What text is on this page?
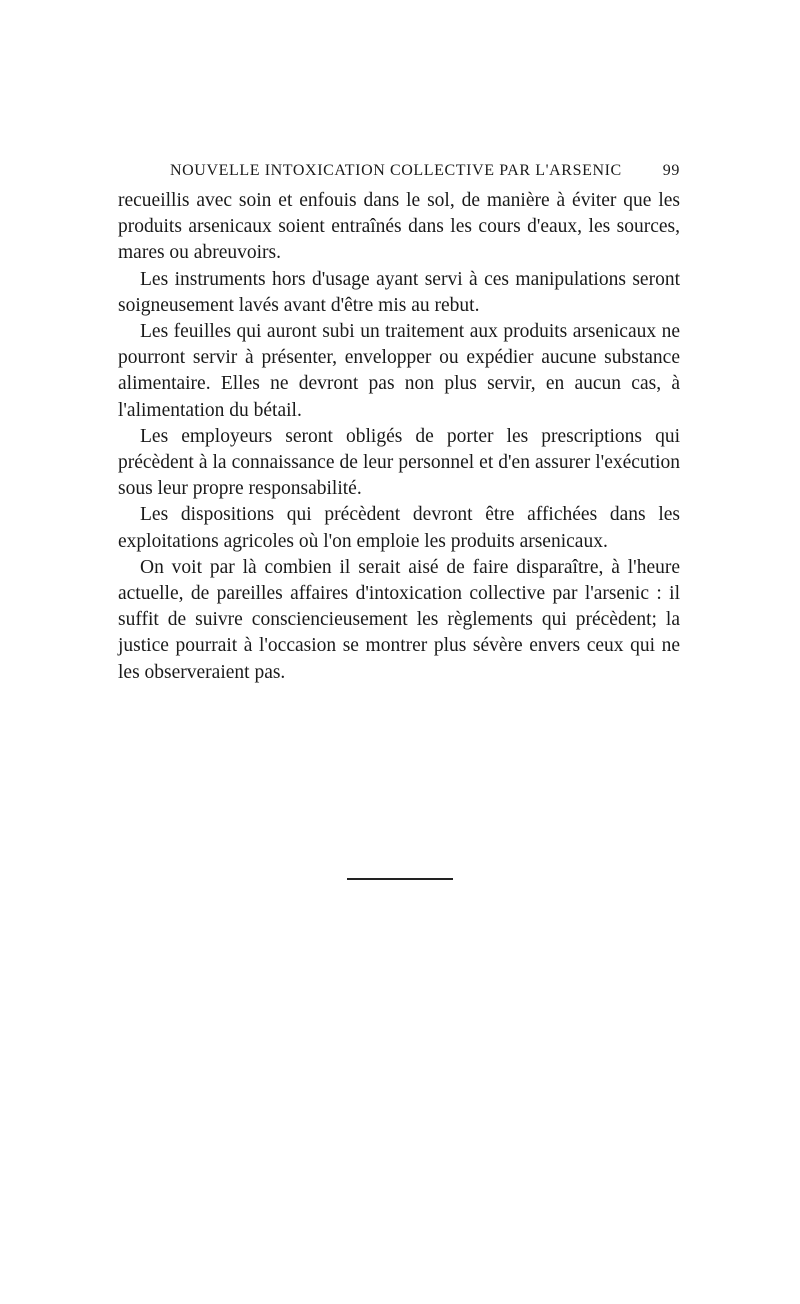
NOUVELLE INTOXICATION COLLECTIVE PAR L'ARSENIC	99

recueillis avec soin et enfouis dans le sol, de manière à éviter que les produits arsenicaux soient entraînés dans les cours d'eaux, les sources, mares ou abreuvoirs.

Les instruments hors d'usage ayant servi à ces manipulations seront soigneusement lavés avant d'être mis au rebut.

Les feuilles qui auront subi un traitement aux produits arsenicaux ne pourront servir à présenter, envelopper ou expédier aucune substance alimentaire. Elles ne devront pas non plus servir, en aucun cas, à l'alimentation du bétail.

Les employeurs seront obligés de porter les prescriptions qui précèdent à la connaissance de leur personnel et d'en assurer l'exécution sous leur propre responsabilité.

Les dispositions qui précèdent devront être affichées dans les exploitations agricoles où l'on emploie les produits arsenicaux.

On voit par là combien il serait aisé de faire disparaître, à l'heure actuelle, de pareilles affaires d'intoxication collective par l'arsenic : il suffit de suivre consciencieusement les règlements qui précèdent; la justice pourrait à l'occasion se montrer plus sévère envers ceux qui ne les observeraient pas.
